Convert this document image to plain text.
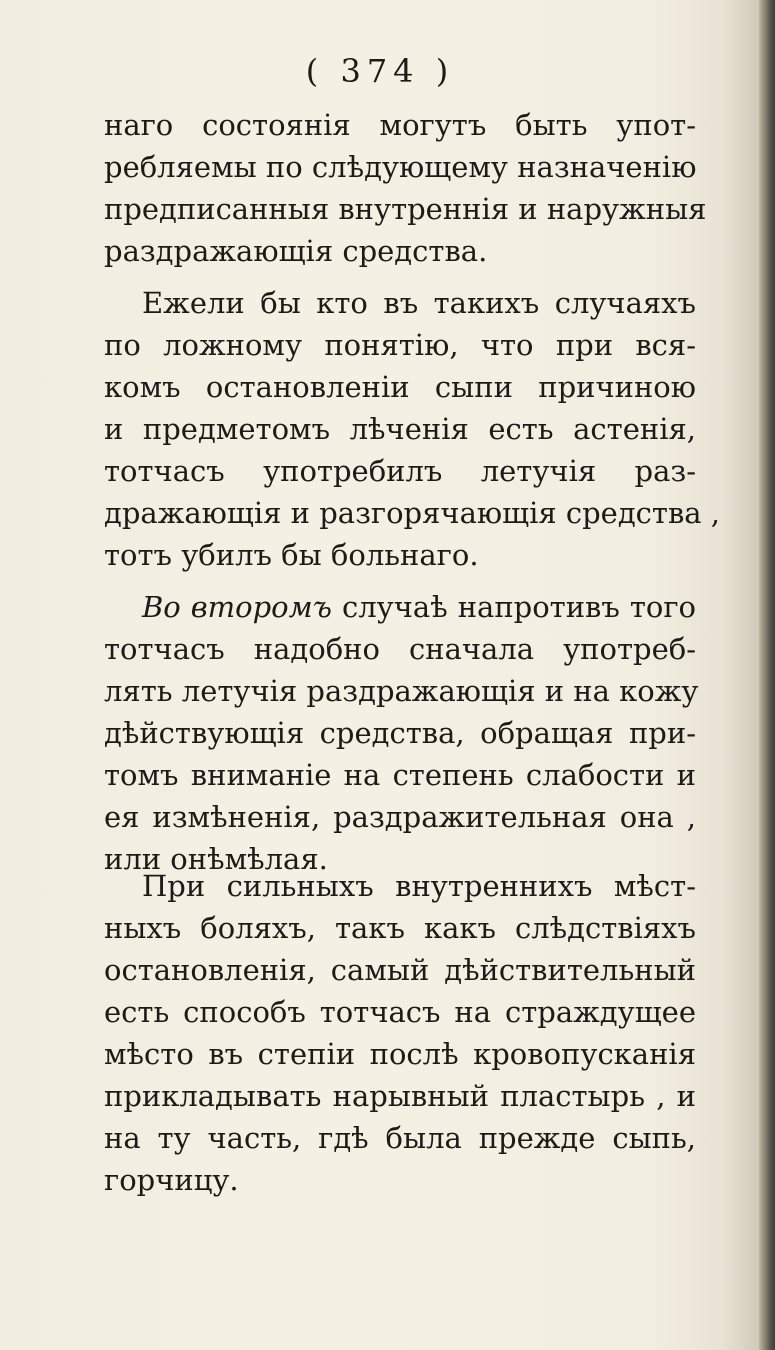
( 374 )
наго состоянія могутъ быть упот-
ребляемы по слѣдующему назначенію
предписанныя внутреннія и наружныя
раздражающія средства.
Ежели бы кто въ такихъ случаяхъ
по ложному понятію, что при вся-
комъ остановленіи сыпи причиною
и предметомъ лѣченія есть астенія,
тотчасъ употребилъ летучія раз-
дражающія и разгорячающія средства ,
тотъ убилъ бы больнаго.
Во второмъ случаѣ напротивъ того
тотчасъ надобно сначала употреб-
лять летучія раздражающія и на кожу
дѣйствующія средства, обращая при-
томъ вниманіе на степень слабости и
ея измѣненія, раздражительная она ,
или онѣмѣлая.
При сильныхъ внутреннихъ мѣст-
ныхъ боляхъ, такъ какъ слѣдствіяхъ
остановленія, самый дѣйствительный
есть способъ тотчасъ на страждущее
мѣсто въ степіи послѣ кровопусканія
прикладывать нарывный пластырь , и
на ту часть, гдѣ была прежде сыпь,
горчицу.
